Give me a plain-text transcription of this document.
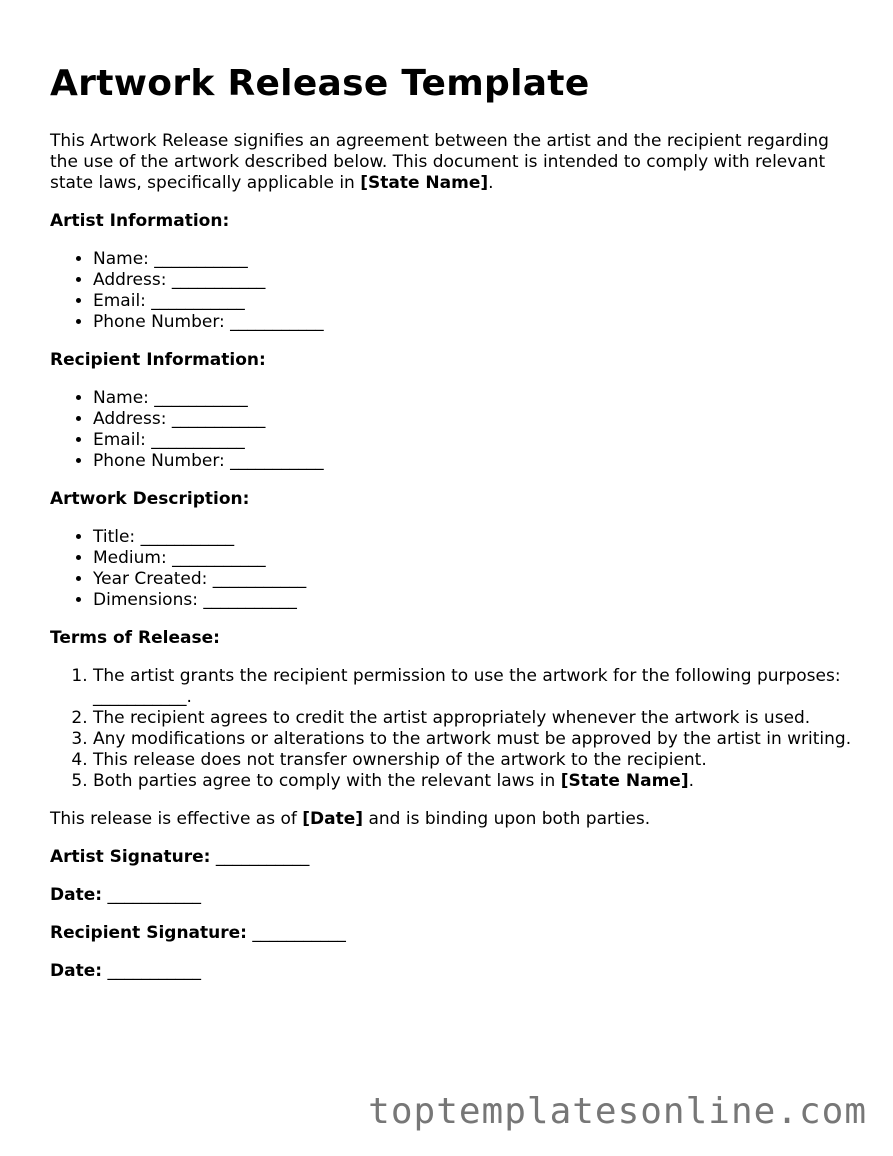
Artwork Release Template

This Artwork Release signifies an agreement between the artist and the recipient regarding the use of the artwork described below. This document is intended to comply with relevant state laws, specifically applicable in [State Name].

Artist Information:

• Name: ___________
• Address: ___________
• Email: ___________
• Phone Number: ___________

Recipient Information:

• Name: ___________
• Address: ___________
• Email: ___________
• Phone Number: ___________

Artwork Description:

• Title: ___________
• Medium: ___________
• Year Created: ___________
• Dimensions: ___________

Terms of Release:

1. The artist grants the recipient permission to use the artwork for the following purposes: ___________.
2. The recipient agrees to credit the artist appropriately whenever the artwork is used.
3. Any modifications or alterations to the artwork must be approved by the artist in writing.
4. This release does not transfer ownership of the artwork to the recipient.
5. Both parties agree to comply with the relevant laws in [State Name].

This release is effective as of [Date] and is binding upon both parties.

Artist Signature: ___________

Date: ___________

Recipient Signature: ___________

Date: ___________

toptemplatesonline.com
